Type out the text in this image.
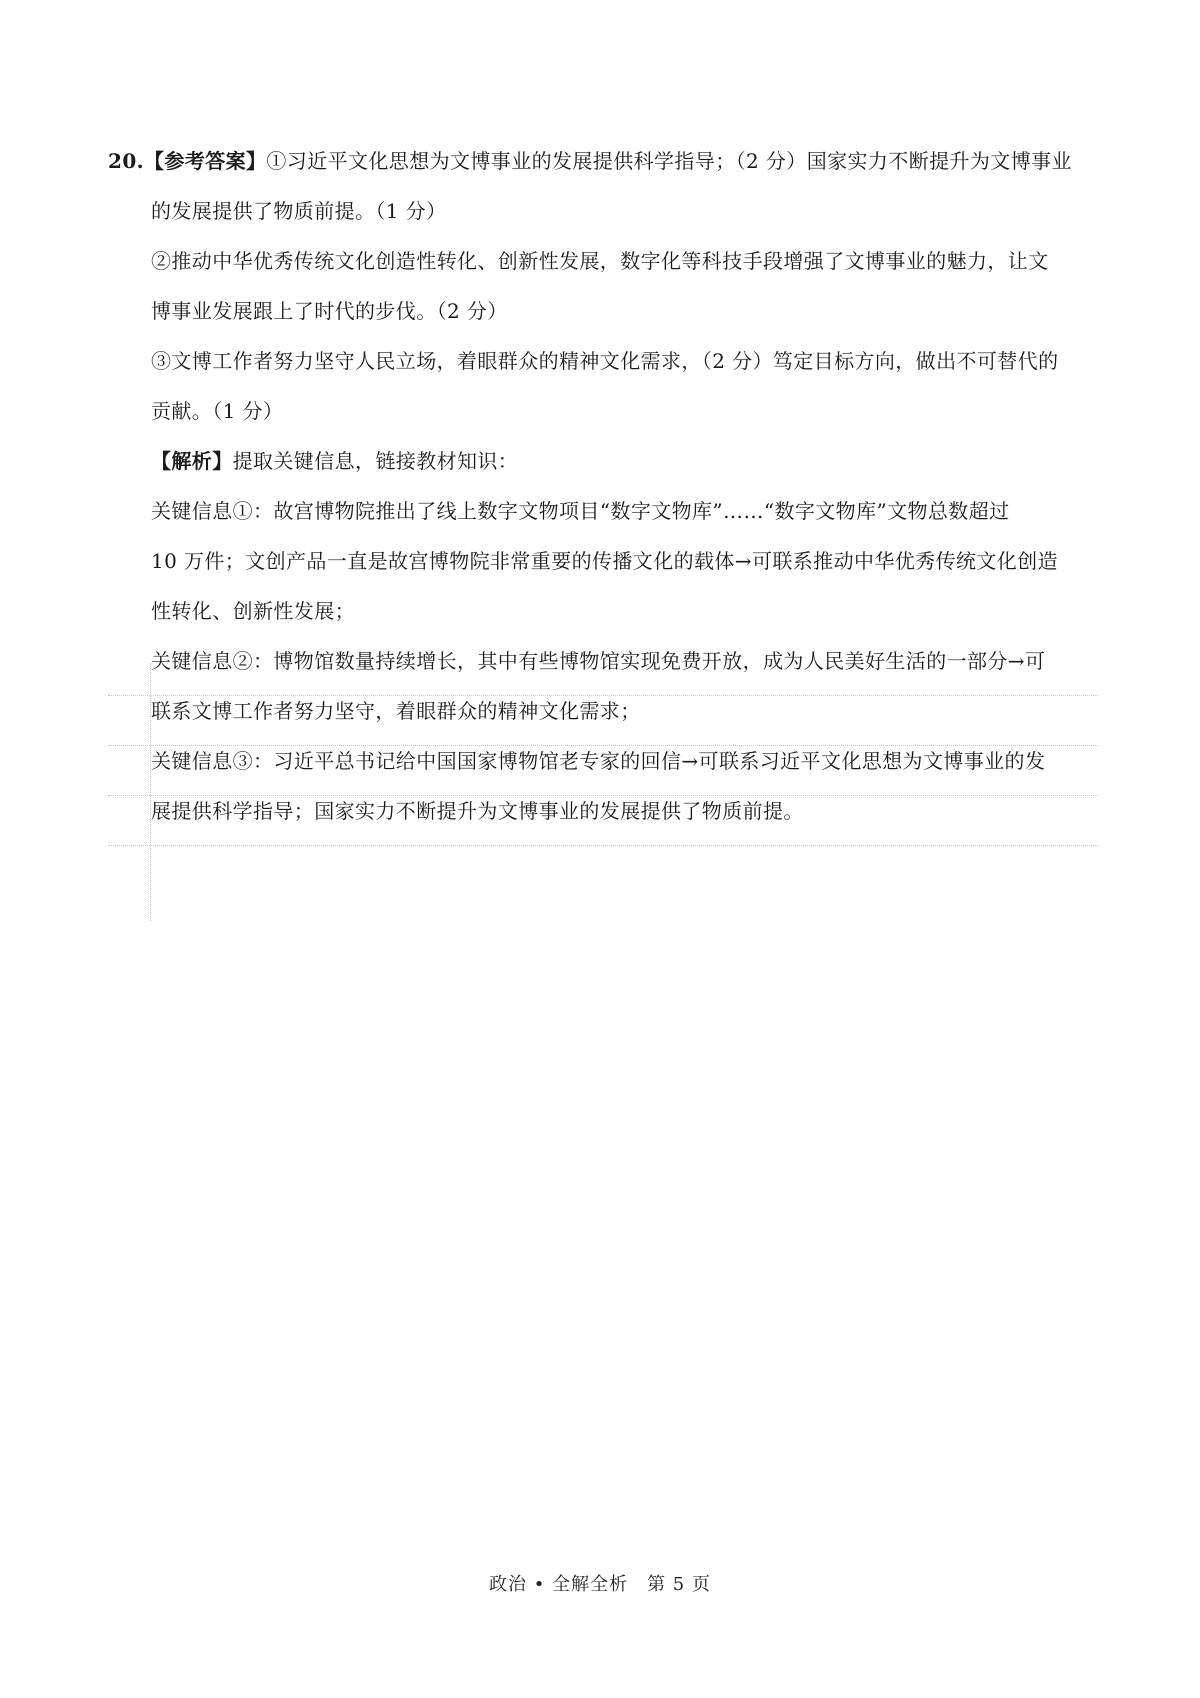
20.【参考答案】①习近平文化思想为文博事业的发展提供科学指导；（2 分）国家实力不断提升为文博事业
的发展提供了物质前提。（1 分）
②推动中华优秀传统文化创造性转化、创新性发展，数字化等科技手段增强了文博事业的魅力，让文
博事业发展跟上了时代的步伐。（2 分）
③文博工作者努力坚守人民立场，着眼群众的精神文化需求，（2 分）笃定目标方向，做出不可替代的
贡献。（1 分）
【解析】提取关键信息，链接教材知识：
关键信息①：故宫博物院推出了线上数字文物项目“数字文物库”……“数字文物库”文物总数超过
10 万件；文创产品一直是故宫博物院非常重要的传播文化的载体→可联系推动中华优秀传统文化创造
性转化、创新性发展；
关键信息②：博物馆数量持续增长，其中有些博物馆实现免费开放，成为人民美好生活的一部分→可
联系文博工作者努力坚守，着眼群众的精神文化需求；
关键信息③：习近平总书记给中国国家博物馆老专家的回信→可联系习近平文化思想为文博事业的发
展提供科学指导；国家实力不断提升为文博事业的发展提供了物质前提。
政治 • 全解全析　第 5 页
